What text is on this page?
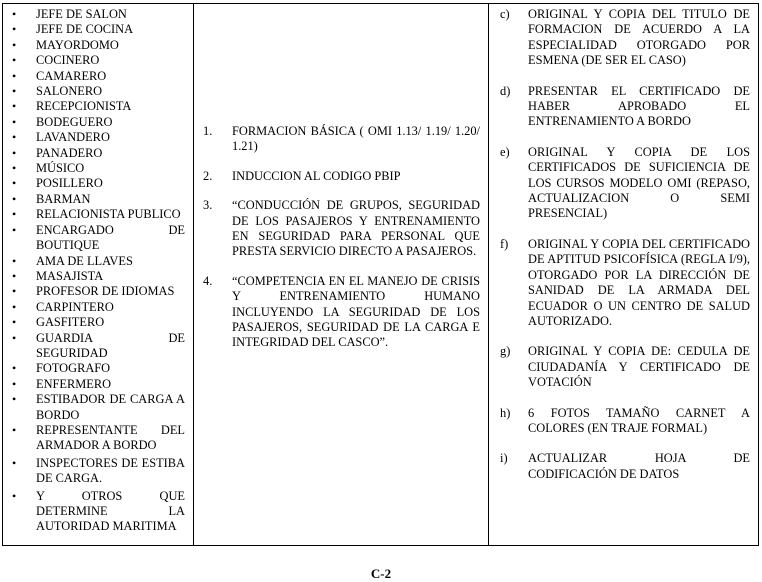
• JEFE DE SALON
• JEFE DE COCINA
• MAYORDOMO
• COCINERO
• CAMARERO
• SALONERO
• RECEPCIONISTA
• BODEGUERO
• LAVANDERO
• PANADERO
• MÚSICO
• POSILLERO
• BARMAN
• RELACIONISTA PUBLICO
• ENCARGADO DE BOUTIQUE
• AMA DE LLAVES
• MASAJISTA
• PROFESOR DE IDIOMAS
• CARPINTERO
• GASFITERO
• GUARDIA DE SEGURIDAD
• FOTOGRAFO
• ENFERMERO
• ESTIBADOR DE CARGA A BORDO
• REPRESENTANTE DEL ARMADOR A BORDO
• INSPECTORES DE ESTIBA DE CARGA.
• Y OTROS QUE DETERMINE LA AUTORIDAD MARITIMA
1. FORMACION BÁSICA ( OMI 1.13/ 1.19/ 1.20/ 1.21)
2. INDUCCION AL CODIGO PBIP
3. “CONDUCCIÓN DE GRUPOS, SEGURIDAD DE LOS PASAJEROS Y ENTRENAMIENTO EN SEGURIDAD PARA PERSONAL QUE PRESTA SERVICIO DIRECTO A PASAJEROS.
4. “COMPETENCIA EN EL MANEJO DE CRISIS Y ENTRENAMIENTO HUMANO INCLUYENDO LA SEGURIDAD DE LOS PASAJEROS, SEGURIDAD DE LA CARGA E INTEGRIDAD DEL CASCO”.
c) ORIGINAL Y COPIA DEL TITULO DE FORMACION DE ACUERDO A LA ESPECIALIDAD OTORGADO POR ESMENA (DE SER EL CASO)
d) PRESENTAR EL CERTIFICADO DE HABER APROBADO EL ENTRENAMIENTO A BORDO
e) ORIGINAL Y COPIA DE LOS CERTIFICADOS DE SUFICIENCIA DE LOS CURSOS MODELO OMI (REPASO, ACTUALIZACION O SEMI PRESENCIAL)
f) ORIGINAL Y COPIA DEL CERTIFICADO DE APTITUD PSICOFÍSICA (REGLA I/9), OTORGADO POR LA DIRECCIÓN DE SANIDAD DE LA ARMADA DEL ECUADOR O UN CENTRO DE SALUD AUTORIZADO.
g) ORIGINAL Y COPIA DE: CEDULA DE CIUDADANÍA Y CERTIFICADO DE VOTACIÓN
h) 6 FOTOS TAMAÑO CARNET A COLORES (EN TRAJE FORMAL)
i) ACTUALIZAR HOJA DE CODIFICACIÓN DE DATOS
C-2
